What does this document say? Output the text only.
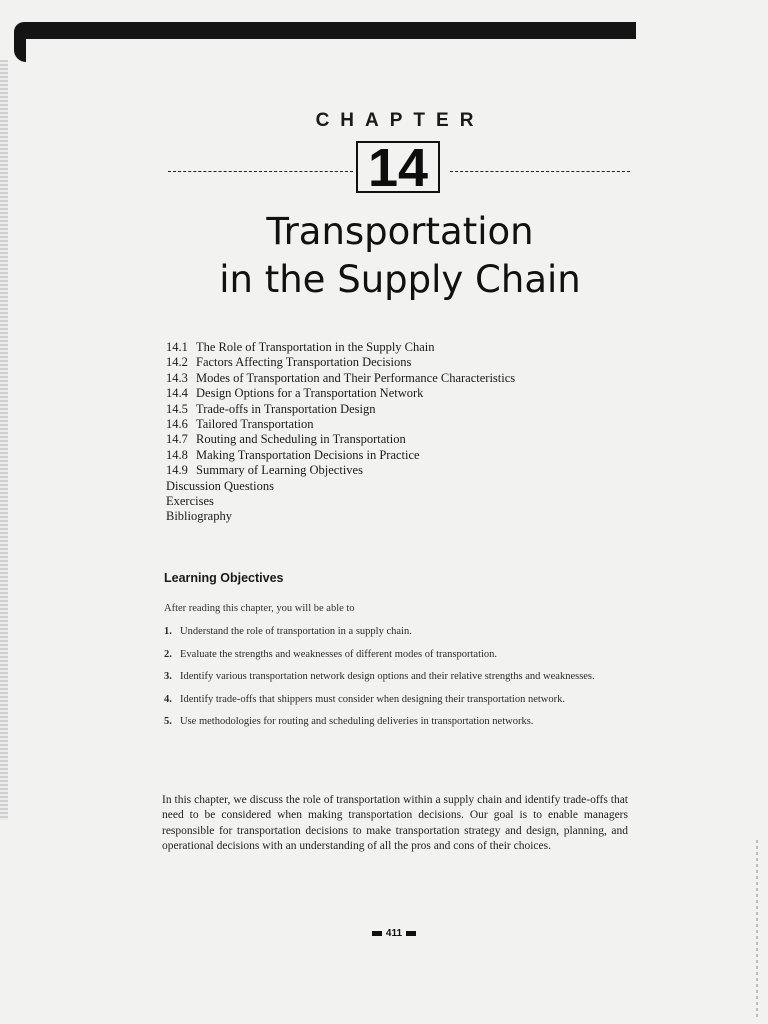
CHAPTER
14
Transportation
in the Supply Chain
14.1 The Role of Transportation in the Supply Chain
14.2 Factors Affecting Transportation Decisions
14.3 Modes of Transportation and Their Performance Characteristics
14.4 Design Options for a Transportation Network
14.5 Trade-offs in Transportation Design
14.6 Tailored Transportation
14.7 Routing and Scheduling in Transportation
14.8 Making Transportation Decisions in Practice
14.9 Summary of Learning Objectives
Discussion Questions
Exercises
Bibliography
Learning Objectives
After reading this chapter, you will be able to
1. Understand the role of transportation in a supply chain.
2. Evaluate the strengths and weaknesses of different modes of transportation.
3. Identify various transportation network design options and their relative strengths and weaknesses.
4. Identify trade-offs that shippers must consider when designing their transportation network.
5. Use methodologies for routing and scheduling deliveries in transportation networks.
In this chapter, we discuss the role of transportation within a supply chain and identify trade-offs that need to be considered when making transportation decisions. Our goal is to enable managers responsible for transportation decisions to make transportation strategy and design, planning, and operational decisions with an understanding of all the pros and cons of their choices.
411
